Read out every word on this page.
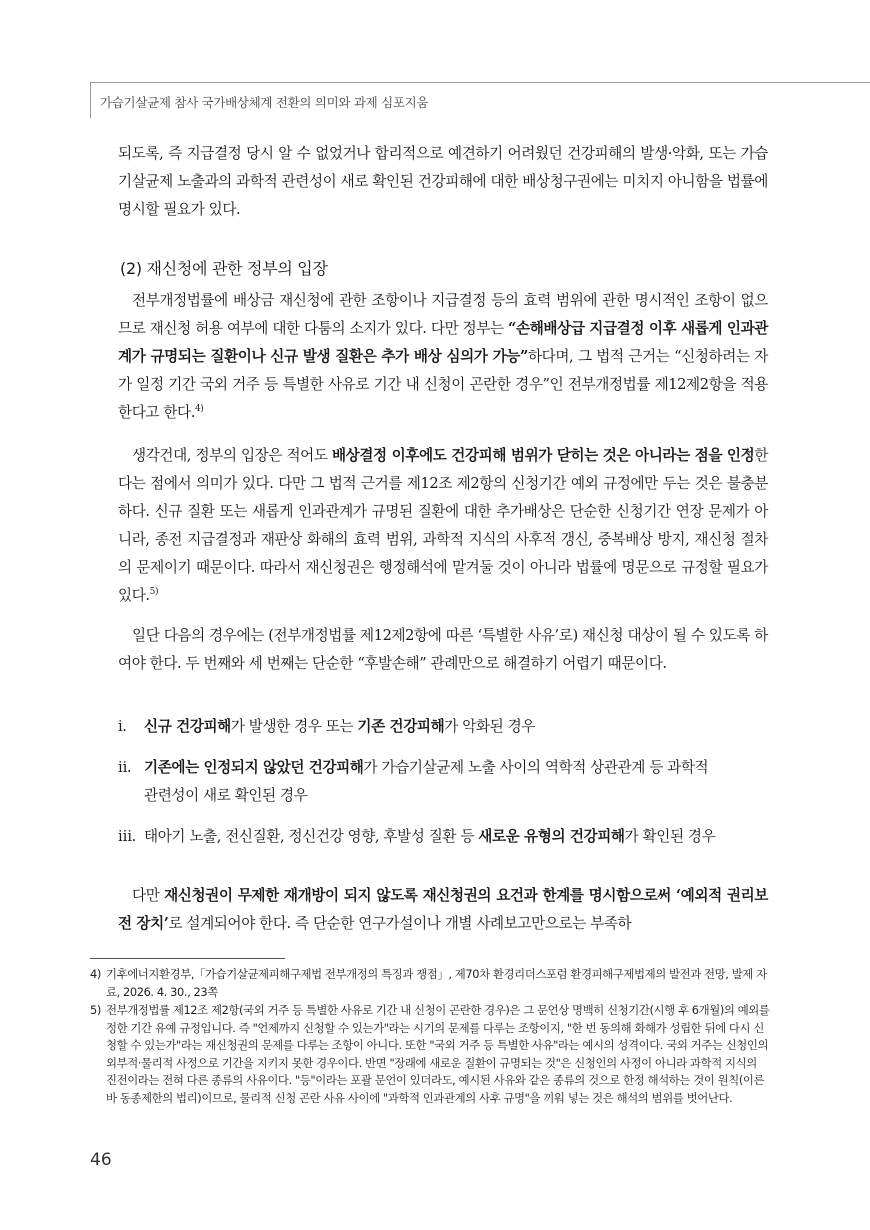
가습기살균제 참사 국가배상체계 전환의 의미와 과제 심포지움

되도록, 즉 지급결정 당시 알 수 없었거나 합리적으로 예견하기 어려웠던 건강피해의 발생·악화, 또는 가습기살균제 노출과의 과학적 관련성이 새로 확인된 건강피해에 대한 배상청구권에는 미치지 아니함을 법률에 명시할 필요가 있다.

(2) 재신청에 관한 정부의 입장

전부개정법률에 배상금 재신청에 관한 조항이나 지급결정 등의 효력 범위에 관한 명시적인 조항이 없으므로 재신청 허용 여부에 대한 다툼의 소지가 있다. 다만 정부는 “손해배상급 지급결정 이후 새롭게 인과관계가 규명되는 질환이나 신규 발생 질환은 추가 배상 심의가 가능”하다며, 그 법적 근거는 “신청하려는 자가 일정 기간 국외 거주 등 특별한 사유로 기간 내 신청이 곤란한 경우”인 전부개정법률 제12제2항을 적용한다고 한다.$^{4)}$

생각건대, 정부의 입장은 적어도 배상결정 이후에도 건강피해 범위가 닫히는 것은 아니라는 점을 인정한다는 점에서 의미가 있다. 다만 그 법적 근거를 제12조 제2항의 신청기간 예외 규정에만 두는 것은 불충분하다. 신규 질환 또는 새롭게 인과관계가 규명된 질환에 대한 추가배상은 단순한 신청기간 연장 문제가 아니라, 종전 지급결정과 재판상 화해의 효력 범위, 과학적 지식의 사후적 갱신, 중복배상 방지, 재신청 절차의 문제이기 때문이다. 따라서 재신청권은 행정해석에 맡겨둘 것이 아니라 법률에 명문으로 규정할 필요가 있다.$^{5)}$

일단 다음의 경우에는 (전부개정법률 제12제2항에 따른 ‘특별한 사유’로) 재신청 대상이 될 수 있도록 하여야 한다. 두 번째와 세 번째는 단순한 “후발손해” 관례만으로 해결하기 어렵기 때문이다.

ⅰ. 신규 건강피해가 발생한 경우 또는 기존 건강피해가 악화된 경우
ⅱ. 기존에는 인정되지 않았던 건강피해가 가습기살균제 노출 사이의 역학적 상관관계 등 과학적
관련성이 새로 확인된 경우
ⅲ. 태아기 노출, 전신질환, 정신건강 영향, 후발성 질환 등 새로운 유형의 건강피해가 확인된 경우

다만 재신청권이 무제한 재개방이 되지 않도록 재신청권의 요건과 한계를 명시함으로써 ‘예외적 권리보전 장치’로 설계되어야 한다. 즉 단순한 연구가설이나 개별 사례보고만으로는 부족하

4) 기후에너지환경부,「가습기살균제피해구제법 전부개정의 특징과 쟁점」, 제70차 환경리더스포럼 환경피해구제법제의 발전과 전망, 발제 자료, 2026. 4. 30., 23쪽
5) 전부개정법률 제12조 제2항(국외 거주 등 특별한 사유로 기간 내 신청이 곤란한 경우)은 그 문언상 명백히 신청기간(시행 후 6개월)의 예외를 정한 기간 유예 규정입니다. 즉 "언제까지 신청할 수 있는가"라는 시기의 문제를 다루는 조항이지, "한 번 동의해 화해가 성립한 뒤에 다시 신청할 수 있는가"라는 재신청권의 문제를 다루는 조항이 아니다. 또한 "국외 거주 등 특별한 사유"라는 예시의 성격이다. 국외 거주는 신청인의 외부적·물리적 사정으로 기간을 지키지 못한 경우이다. 반면 "장래에 새로운 질환이 규명되는 것"은 신청인의 사정이 아니라 과학적 지식의 진전이라는 전혀 다른 종류의 사유이다. "등"이라는 포괄 문언이 있더라도, 예시된 사유와 같은 종류의 것으로 한정 해석하는 것이 원칙(이른바 동종제한의 법리)이므로, 물리적 신청 곤란 사유 사이에 "과학적 인과관계의 사후 규명"을 끼워 넣는 것은 해석의 범위를 벗어난다.
46
